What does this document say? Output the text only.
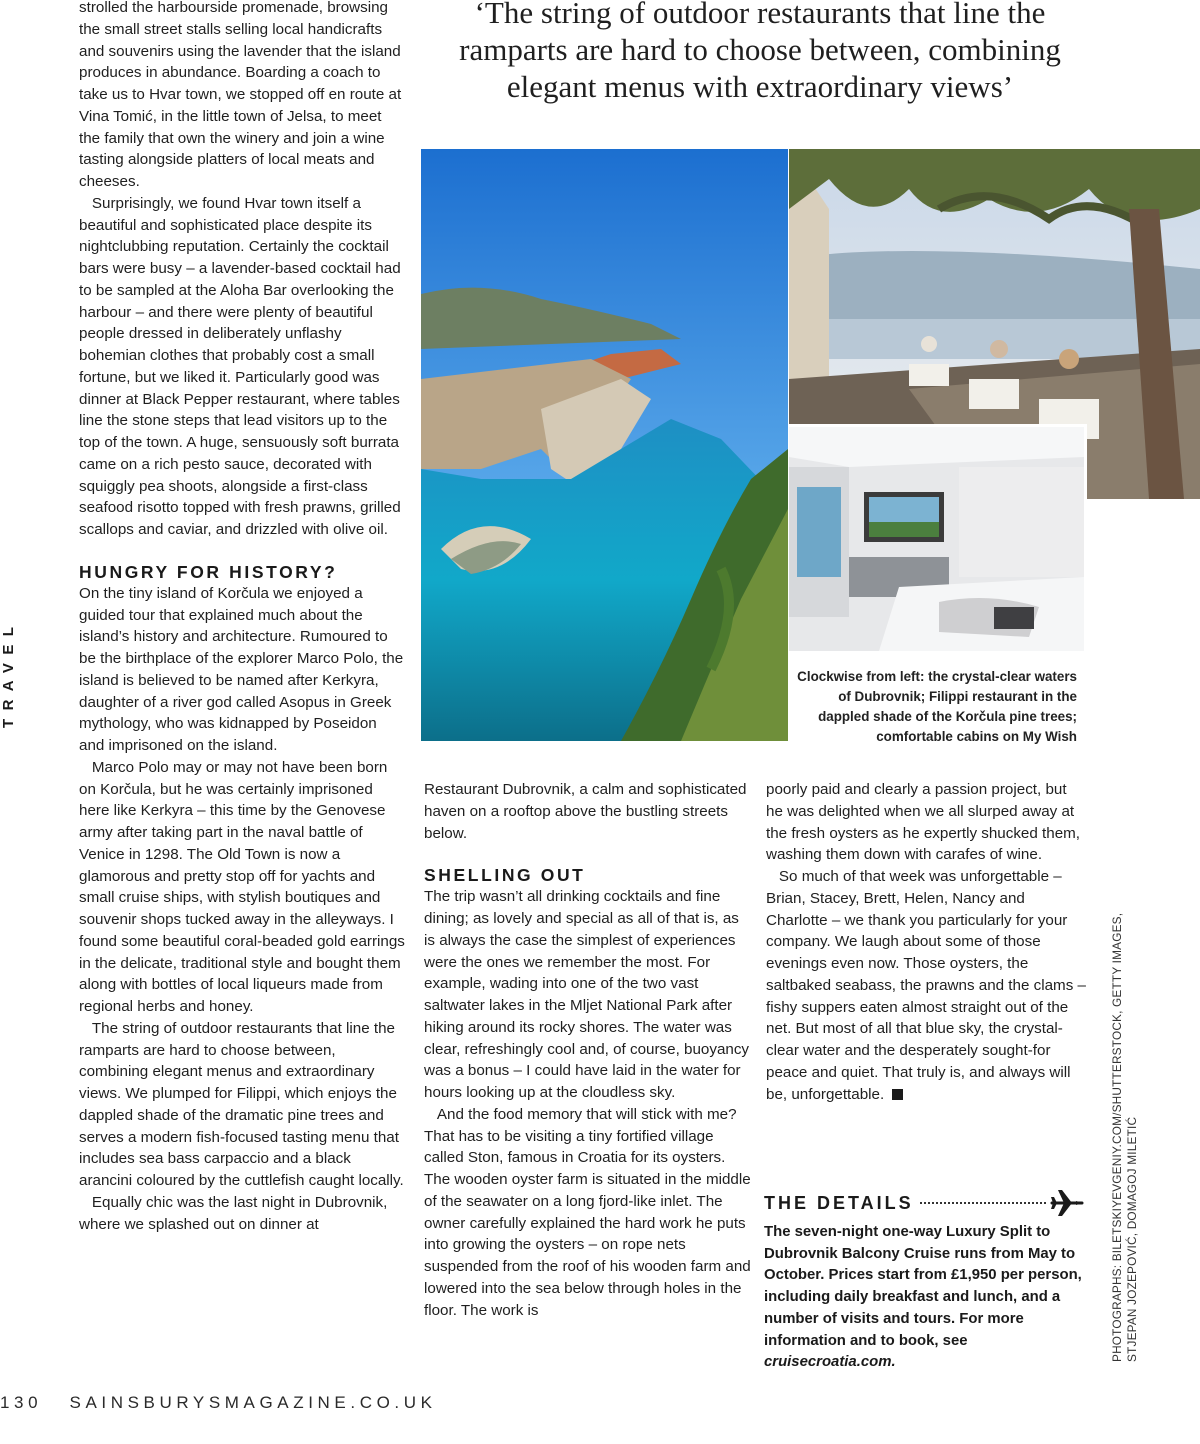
TRAVEL

strolled the harbourside promenade, browsing the small street stalls selling local handicrafts and souvenirs using the lavender that the island produces in abundance. Boarding a coach to take us to Hvar town, we stopped off en route at Vina Tomić, in the little town of Jelsa, to meet the family that own the winery and join a wine tasting alongside platters of local meats and cheeses.

Surprisingly, we found Hvar town itself a beautiful and sophisticated place despite its nightclubbing reputation. Certainly the cocktail bars were busy – a lavender-based cocktail had to be sampled at the Aloha Bar overlooking the harbour – and there were plenty of beautiful people dressed in deliberately unflashy bohemian clothes that probably cost a small fortune, but we liked it. Particularly good was dinner at Black Pepper restaurant, where tables line the stone steps that lead visitors up to the top of the town. A huge, sensuously soft burrata came on a rich pesto sauce, decorated with squiggly pea shoots, alongside a first-class seafood risotto topped with fresh prawns, grilled scallops and caviar, and drizzled with olive oil.

HUNGRY FOR HISTORY?

On the tiny island of Korčula we enjoyed a guided tour that explained much about the island’s history and architecture. Rumoured to be the birthplace of the explorer Marco Polo, the island is believed to be named after Kerkyra, daughter of a river god called Asopus in Greek mythology, who was kidnapped by Poseidon and imprisoned on the island.

Marco Polo may or may not have been born on Korčula, but he was certainly imprisoned here like Kerkyra – this time by the Genovese army after taking part in the naval battle of Venice in 1298. The Old Town is now a glamorous and pretty stop off for yachts and small cruise ships, with stylish boutiques and souvenir shops tucked away in the alleyways. I found some beautiful coral-beaded gold earrings in the delicate, traditional style and bought them along with bottles of local liqueurs made from regional herbs and honey.

The string of outdoor restaurants that line the ramparts are hard to choose between, combining elegant menus and extraordinary views. We plumped for Filippi, which enjoys the dappled shade of the dramatic pine trees and serves a modern fish-focused tasting menu that includes sea bass carpaccio and a black arancini coloured by the cuttlefish caught locally.

Equally chic was the last night in Dubrovnik, where we splashed out on dinner at

‘The string of outdoor restaurants that line the ramparts are hard to choose between, combining elegant menus with extraordinary views’
Clockwise from left: the crystal-clear waters of Dubrovnik; Filippi restaurant in the dappled shade of the Korčula pine trees; comfortable cabins on My Wish

Restaurant Dubrovnik, a calm and sophisticated haven on a rooftop above the bustling streets below.

SHELLING OUT

The trip wasn’t all drinking cocktails and fine dining; as lovely and special as all of that is, as is always the case the simplest of experiences were the ones we remember the most. For example, wading into one of the two vast saltwater lakes in the Mljet National Park after hiking around its rocky shores. The water was clear, refreshingly cool and, of course, buoyancy was a bonus – I could have laid in the water for hours looking up at the cloudless sky.

And the food memory that will stick with me? That has to be visiting a tiny fortified village called Ston, famous in Croatia for its oysters. The wooden oyster farm is situated in the middle of the seawater on a long fjord-like inlet. The owner carefully explained the hard work he puts into growing the oysters – on rope nets suspended from the roof of his wooden farm and lowered into the sea below through holes in the floor. The work is

poorly paid and clearly a passion project, but he was delighted when we all slurped away at the fresh oysters as he expertly shucked them, washing them down with carafes of wine.

So much of that week was unforgettable – Brian, Stacey, Brett, Helen, Nancy and Charlotte – we thank you particularly for your company. We laugh about some of those evenings even now. Those oysters, the saltbaked seabass, the prawns and the clams – fishy suppers eaten almost straight out of the net. But most of all that blue sky, the crystal-clear water and the desperately sought-for peace and quiet. That truly is, and always will be, unforgettable.

THE DETAILS
The seven-night one-way Luxury Split to Dubrovnik Balcony Cruise runs from May to October. Prices start from £1,950 per person, including daily breakfast and lunch, and a number of visits and tours. For more information and to book, see cruisecroatia.com.
PHOTOGRAPHS: BILETSKIYEVGENIY.COM/SHUTTERSTOCK, GETTY IMAGES, STJEPAN JOZEPOVIĆ, DOMAGOJ MILETIĆ
130 SAINSBURYSMAGAZINE.CO.UK
